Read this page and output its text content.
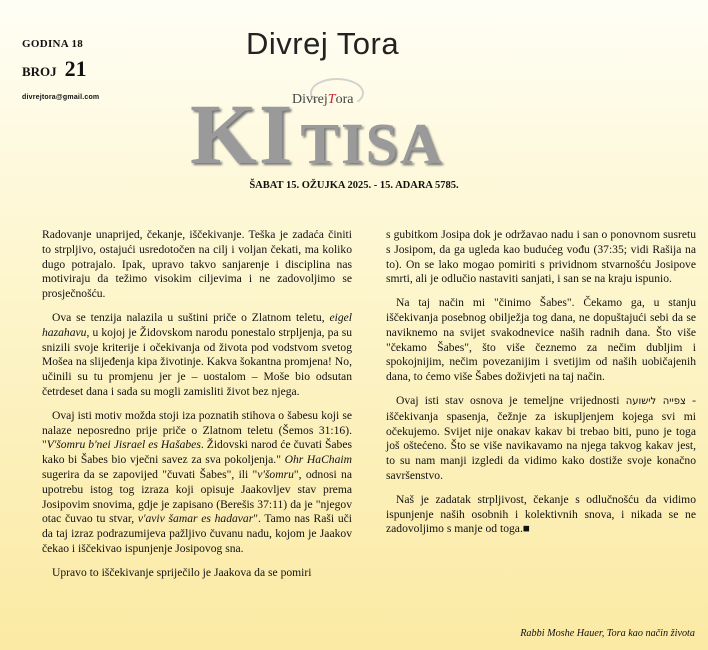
GODINA 18
BROJ 21
divrejtora@gmail.com
Divrej Tora
KI TISA
DivrejTora
ŠABAT 15. OŽUJKA 2025. - 15. ADARA 5785.

Radovanje unaprijed, čekanje, iščekivanje. Teška je zadaća činiti to strpljivo, ostajući usredotočen na cilj i voljan čekati, ma koliko dugo potrajalo. Ipak, upravo takvo sanjarenje i disciplina nas motiviraju da težimo visokim ciljevima i ne zadovoljimo se prosječnošću.

Ova se tenzija nalazila u suštini priče o Zlatnom teletu, eigel hazahavu, u kojoj je Židovskom narodu ponestalo strpljenja, pa su snizili svoje kriterije i očekivanja od života pod vodstvom svetog Mošea na slijeđenja kipa životinje. Kakva šokantna promjena! No, učinili su tu promjenu jer je – uostalom – Moše bio odsutan četrdeset dana i sada su mogli zamisliti život bez njega.

Ovaj isti motiv možda stoji iza poznatih stihova o šabesu koji se nalaze neposredno prije priče o Zlatnom teletu (Šemos 31:16). "V'šomru b'nei Jisrael es Hašabes. Židovski narod će čuvati Šabes kako bi Šabes bio vječni savez za sva pokoljenja." Ohr HaChaim sugerira da se zapovijed "čuvati Šabes", ili "v'šomru", odnosi na upotrebu istog tog izraza koji opisuje Jaakovljev stav prema Josipovim snovima, gdje je zapisano (Berešis 37:11) da je "njegov otac čuvao tu stvar, v'aviv šamar es hadavar". Tamo nas Raši uči da taj izraz podrazumijeva pažljivo čuvanu nadu, kojom je Jaakov čekao i iščekivao ispunjenje Josipovog sna.

Upravo to iščekivanje spriječilo je Jaakova da se pomiri

s gubitkom Josipa dok je održavao nadu i san o ponovnom susretu s Josipom, da ga ugleda kao budućeg vođu (37:35; vidi Rašija na to). On se lako mogao pomiriti s prividnom stvarnošću Josipove smrti, ali je odlučio nastaviti sanjati, i san se na kraju ispunio.

Na taj način mi "činimo Šabes". Čekamo ga, u stanju iščekivanja posebnog obilježja tog dana, ne dopuštajući sebi da se naviknemo na svijet svakodnevice naših radnih dana. Što više "čekamo Šabes", što više čeznemo za nečim dubljim i spokojnijim, nečim povezanijim i svetijim od naših uobičajenih dana, to ćemo više Šabes doživjeti na taj način.

Ovaj isti stav osnova je temeljne vrijednosti צפייה לישועה - iščekivanja spasenja, čežnje za iskupljenjem kojega svi mi očekujemo. Svijet nije onakav kakav bi trebao biti, puno je toga još oštećeno. Što se više navikavamo na njega takvog kakav jest, to su nam manji izgledi da vidimo kako dostiže svoje konačno savršenstvo.

Naš je zadatak strpljivost, čekanje s odlučnošću da vidimo ispunjenje naših osobnih i kolektivnih snova, i nikada se ne zadovoljimo s manje od toga.■

Rabbi Moshe Hauer, Tora kao način života
